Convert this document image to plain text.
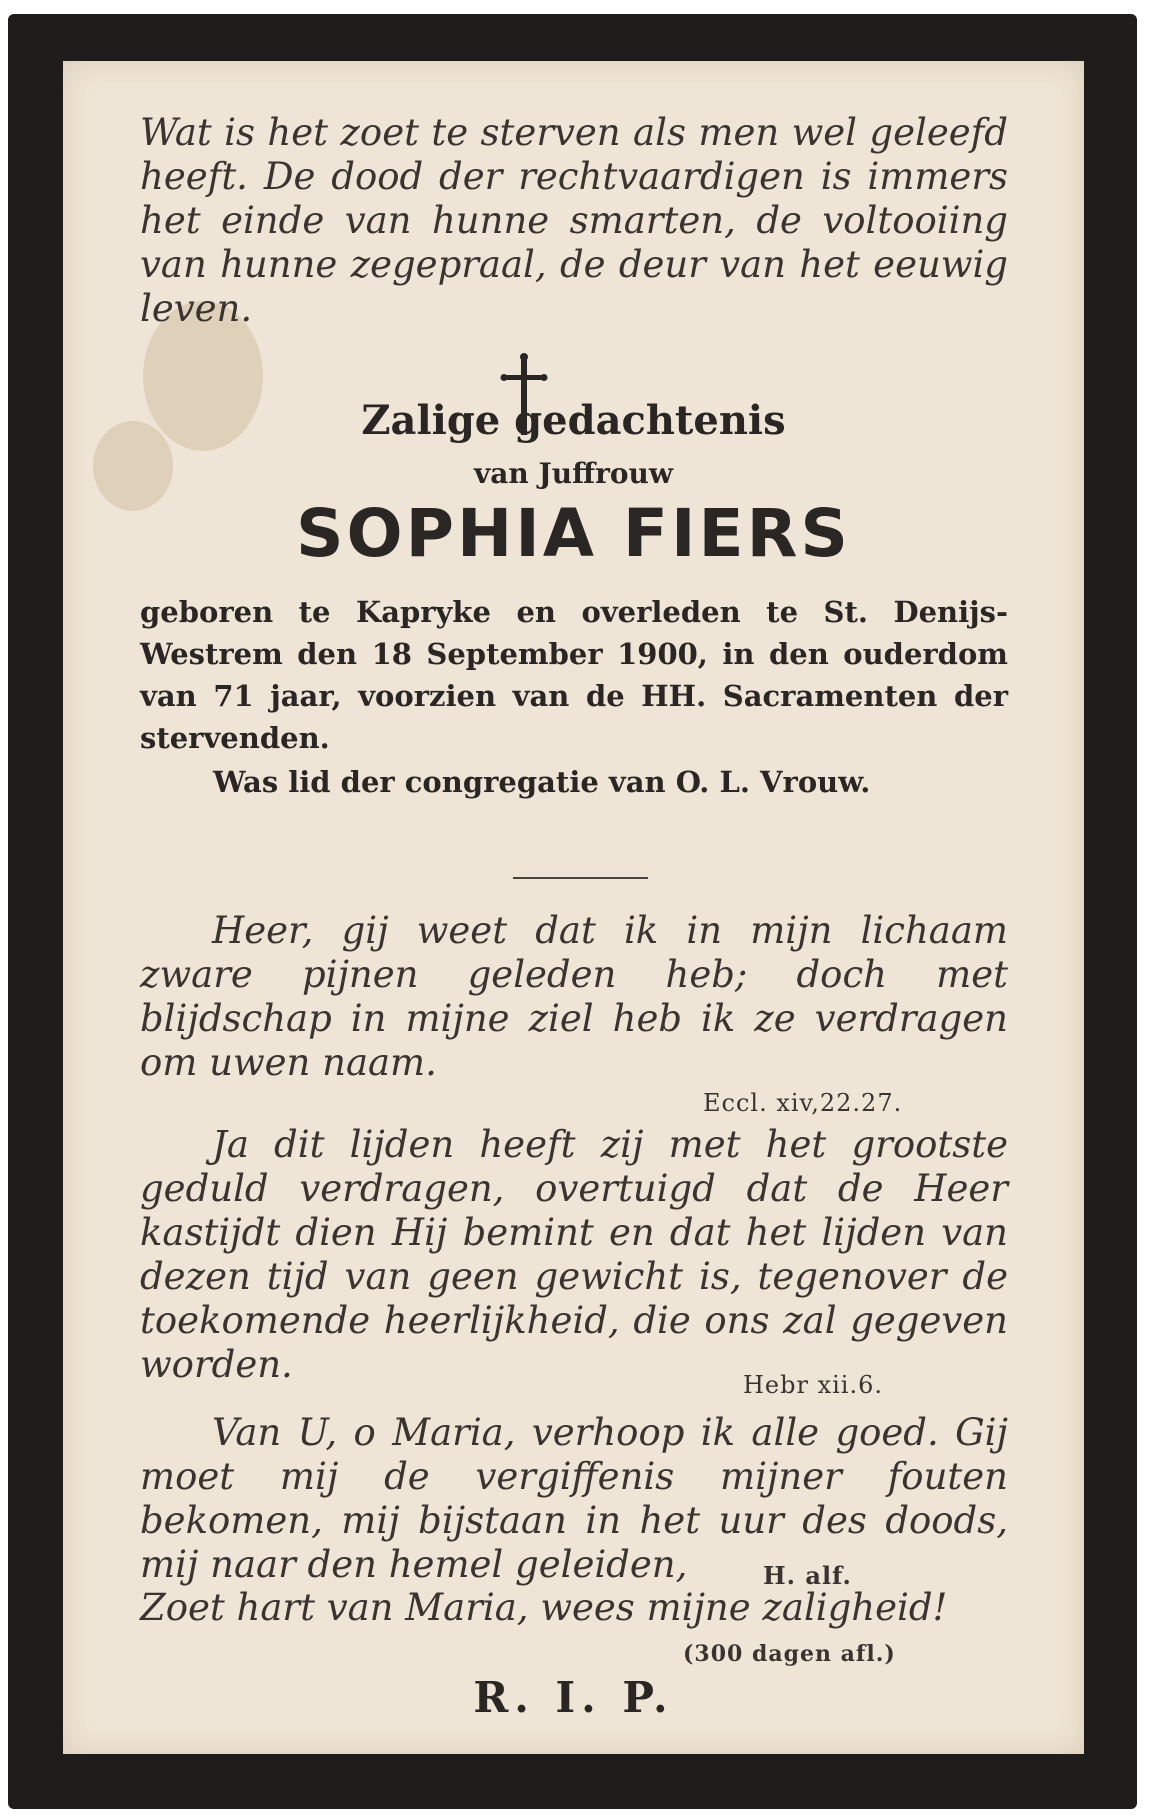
Wat is het zoet te sterven als men wel geleefd heeft. De dood der rechtvaardigen is immers het einde van hunne smarten, de voltooiing van hunne zegepraal, de deur van het eeuwig leven.
Zalige gedachtenis
van Juffrouw
SOPHIA FIERS
geboren te Kapryke en overleden te St. Denijs-Westrem den 18 September 1900, in den ouderdom van 71 jaar, voorzien van de HH. Sacramenten der stervenden.
Was lid der congregatie van O. L. Vrouw.
Heer, gij weet dat ik in mijn lichaam zware pijnen geleden heb; doch met blijdschap in mijne ziel heb ik ze verdragen om uwen naam.
Eccl. xiv,22.27.
Ja dit lijden heeft zij met het grootste geduld verdragen, overtuigd dat de Heer kastijdt dien Hij bemint en dat het lijden van dezen tijd van geen gewicht is, tegenover de toekomende heerlijkheid, die ons zal gegeven worden.	Hebr xii.6.
Van U, o Maria, verhoop ik alle goed. Gij moet mij de vergiffenis mijner fouten bekomen, mij bijstaan in het uur des doods, mij naar den hemel geleiden,	H. alf.
Zoet hart van Maria, wees mijne zaligheid!
(300 dagen afl.)
R. I. P.
